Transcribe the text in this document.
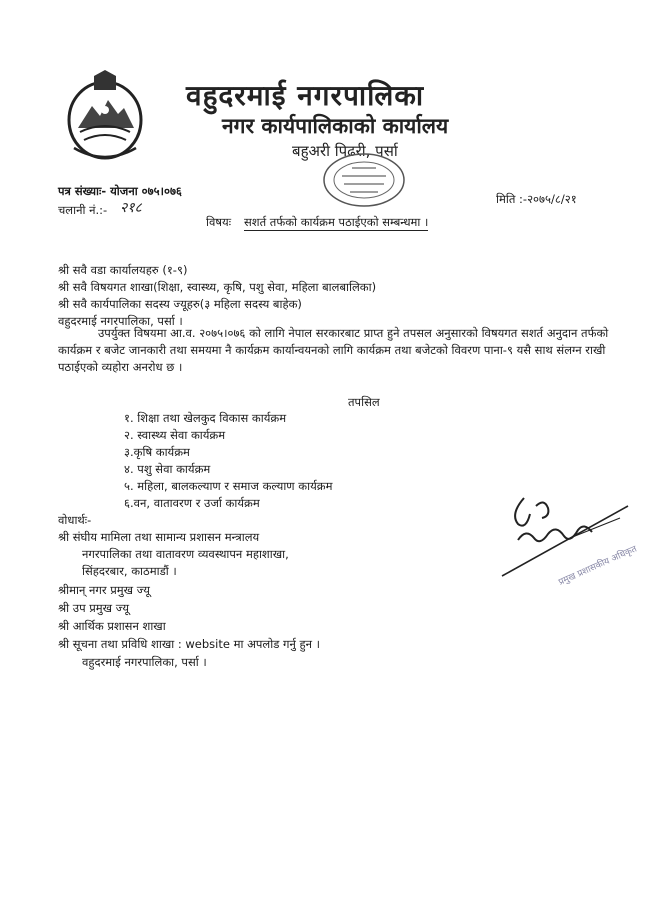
वहुदरमाई नगरपालिका
नगर कार्यपालिकाको कार्यालय
बहुअरी पिढरी, पर्सा
पत्र संख्याः- योजना ०७५।०७६
चलानी नं.:- २१८
मिति :-२०७५/८/२१
विषयः सशर्त तर्फको कार्यक्रम पठाईएको सम्बन्धमा ।
श्री सवै वडा कार्यालयहरु (१-९)
श्री सवै विषयगत शाखा(शिक्षा, स्वास्थ्य, कृषि, पशु सेवा, महिला बालबालिका)
श्री सवै कार्यपालिका सदस्य ज्यूहरु(३ महिला सदस्य बाहेक)
वहुदरमाई नगरपालिका, पर्सा ।
उपर्युक्त विषयमा आ.व. २०७५।०७६ को लागि नेपाल सरकारबाट प्राप्त हुने तपसल अनुसारको विषयगत सशर्त अनुदान तर्फको कार्यक्रम र बजेट जानकारी तथा समयमा नै कार्यक्रम कार्यान्वयनको लागि कार्यक्रम तथा बजेटको विवरण पाना-९ यसै साथ संलग्न राखी पठाईएको व्यहोरा अनरोध छ ।
तपसिल
१. शिक्षा तथा खेलकुद विकास कार्यक्रम
२. स्वास्थ्य सेवा कार्यक्रम
३.कृषि कार्यक्रम
४. पशु सेवा कार्यक्रम
५. महिला, बालकल्याण र समाज कल्याण कार्यक्रम
६.वन, वातावरण र उर्जा कार्यक्रम
प्रमुख प्रशासकीय अधिकृत
वोधार्थः-
श्री संघीय मामिला तथा सामान्य प्रशासन मन्त्रालय
नगरपालिका तथा वातावरण व्यवस्थापन महाशाखा,
सिंहदरबार, काठमाडौं ।
श्रीमान् नगर प्रमुख ज्यू
श्री उप प्रमुख ज्यू
श्री आर्थिक प्रशासन शाखा
श्री सूचना तथा प्रविधि शाखा : website मा अपलोड गर्नु हुन ।
वहुदरमाई नगरपालिका, पर्सा ।
